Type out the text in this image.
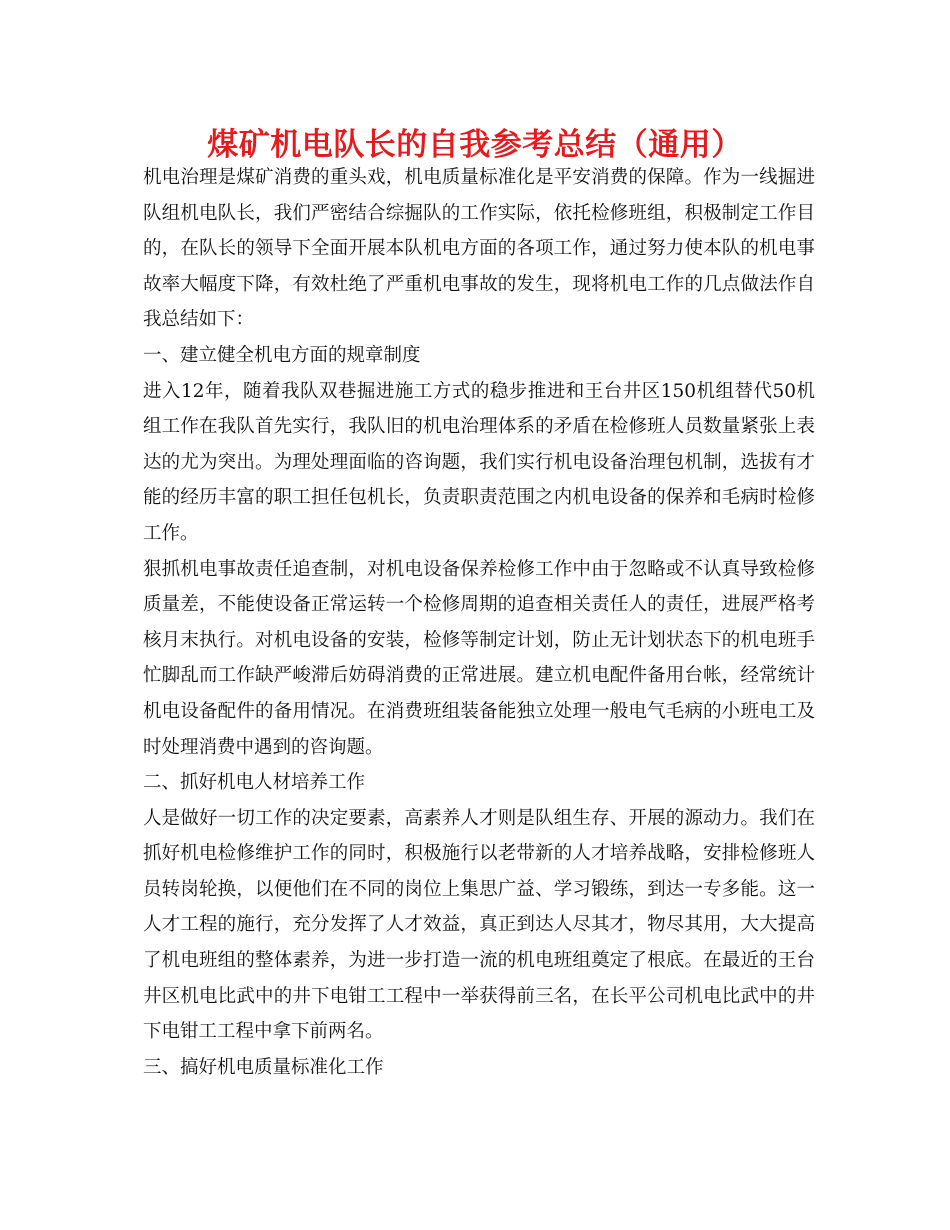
煤矿机电队长的自我参考总结（通用）

机电治理是煤矿消费的重头戏，机电质量标准化是平安消费的保障。作为一线掘进队组机电队长，我们严密结合综掘队的工作实际，依托检修班组，积极制定工作目的，在队长的领导下全面开展本队机电方面的各项工作，通过努力使本队的机电事故率大幅度下降，有效杜绝了严重机电事故的发生，现将机电工作的几点做法作自我总结如下：

一、建立健全机电方面的规章制度

进入12年，随着我队双巷掘进施工方式的稳步推进和王台井区150机组替代50机组工作在我队首先实行，我队旧的机电治理体系的矛盾在检修班人员数量紧张上表达的尤为突出。为理处理面临的咨询题，我们实行机电设备治理包机制，选拔有才能的经历丰富的职工担任包机长，负责职责范围之内机电设备的保养和毛病时检修工作。

狠抓机电事故责任追查制，对机电设备保养检修工作中由于忽略或不认真导致检修质量差，不能使设备正常运转一个检修周期的追查相关责任人的责任，进展严格考核月末执行。对机电设备的安装，检修等制定计划，防止无计划状态下的机电班手忙脚乱而工作缺严峻滞后妨碍消费的正常进展。建立机电配件备用台帐，经常统计机电设备配件的备用情况。在消费班组装备能独立处理一般电气毛病的小班电工及时处理消费中遇到的咨询题。

二、抓好机电人材培养工作

人是做好一切工作的决定要素，高素养人才则是队组生存、开展的源动力。我们在抓好机电检修维护工作的同时，积极施行以老带新的人才培养战略，安排检修班人员转岗轮换，以便他们在不同的岗位上集思广益、学习锻练，到达一专多能。这一人才工程的施行，充分发挥了人才效益，真正到达人尽其才，物尽其用，大大提高了机电班组的整体素养，为进一步打造一流的机电班组奠定了根底。在最近的王台井区机电比武中的井下电钳工工程中一举获得前三名，在长平公司机电比武中的井下电钳工工程中拿下前两名。

三、搞好机电质量标准化工作
